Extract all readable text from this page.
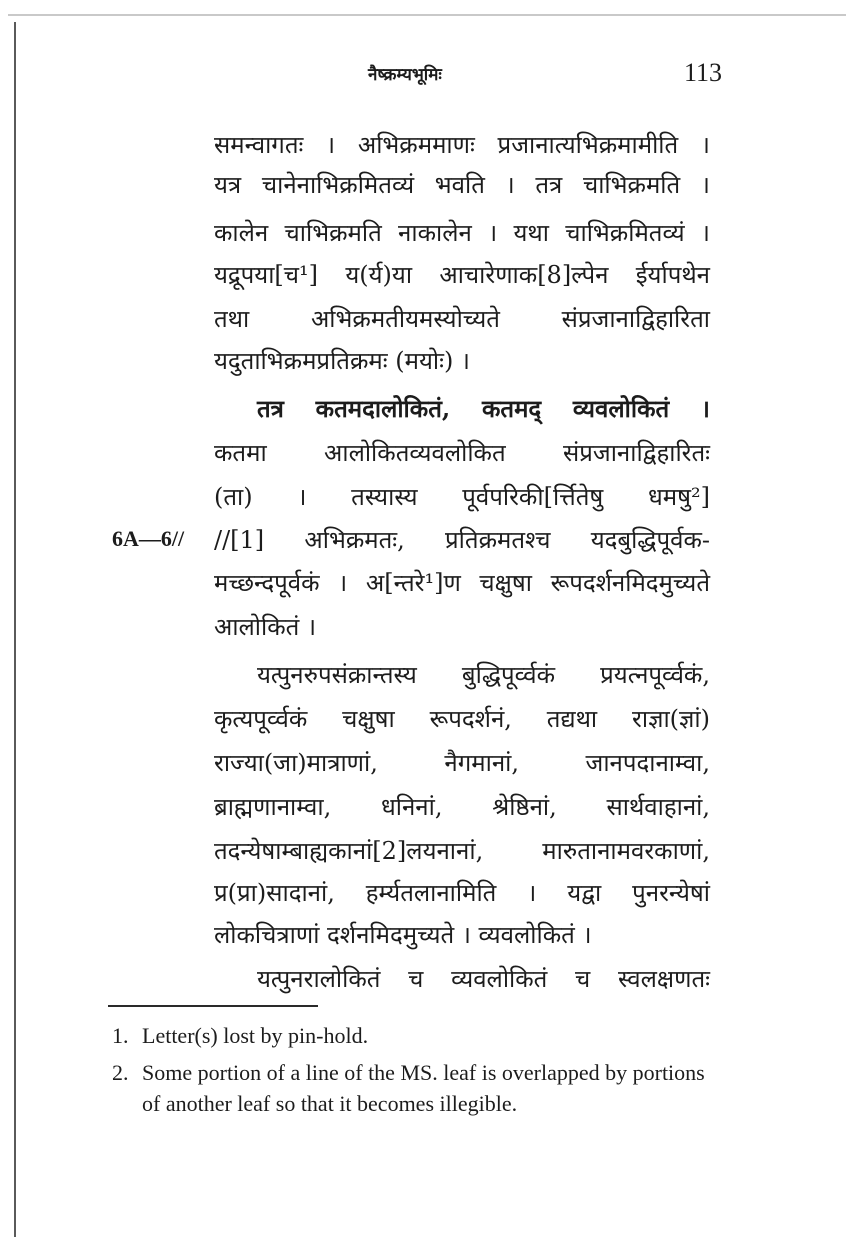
नैष्क्रम्यभूमिः	113
6A—6//
समन्वागतः । अभिक्रममाणः प्रजानात्यभिक्रमामीति ।
यत्र चानेनाभिक्रमितव्यं भवति । तत्र चाभिक्रमति ।
कालेन चाभिक्रमति नाकालेन । यथा चाभिक्रमितव्यं ।
यद्रूपया[च¹] य(र्य)या आचारेणाक[8]ल्पेन ईर्यापथेन
तथा अभिक्रमतीयमस्योच्यते संप्रजानाद्विहारिता
यदुताभिक्रमप्रतिक्रमः (मयोः) ।
तत्र कतमदालोकितं, कतमद् व्यवलोकितं ।
कतमा आलोकितव्यवलोकित संप्रजानाद्विहारितः
(ता) । तस्यास्य पूर्वपरिकी[र्त्तितेषु धमषु²]
//[1] अभिक्रमतः, प्रतिक्रमतश्च यदबुद्धिपूर्वक-
मच्छन्दपूर्वकं । अ[न्तरे¹]ण चक्षुषा रूपदर्शनमिदमुच्यते
आलोकितं ।
यत्पुनरुपसंक्रान्तस्य बुद्धिपूर्व्वकं प्रयत्नपूर्व्वकं,
कृत्यपूर्व्वकं चक्षुषा रूपदर्शनं, तद्यथा राज्ञा(ज्ञां)
राज्या(जा)मात्राणां, नैगमानां, जानपदानाम्वा,
ब्राह्मणानाम्वा, धनिनां, श्रेष्ठिनां, सार्थवाहानां,
तदन्येषाम्बाह्यकानां[2]लयनानां, मारुतानामवरकाणां,
प्र(प्रा)सादानां, हर्म्यतलानामिति । यद्वा पुनरन्येषां
लोकचित्राणां दर्शनमिदमुच्यते । व्यवलोकितं ।
यत्पुनरालोकितं च व्यवलोकितं च स्वलक्षणतः
1. Letter(s) lost by pin-hold.
2. Some portion of a line of the MS. leaf is overlapped by portions of another leaf so that it becomes illegible.
